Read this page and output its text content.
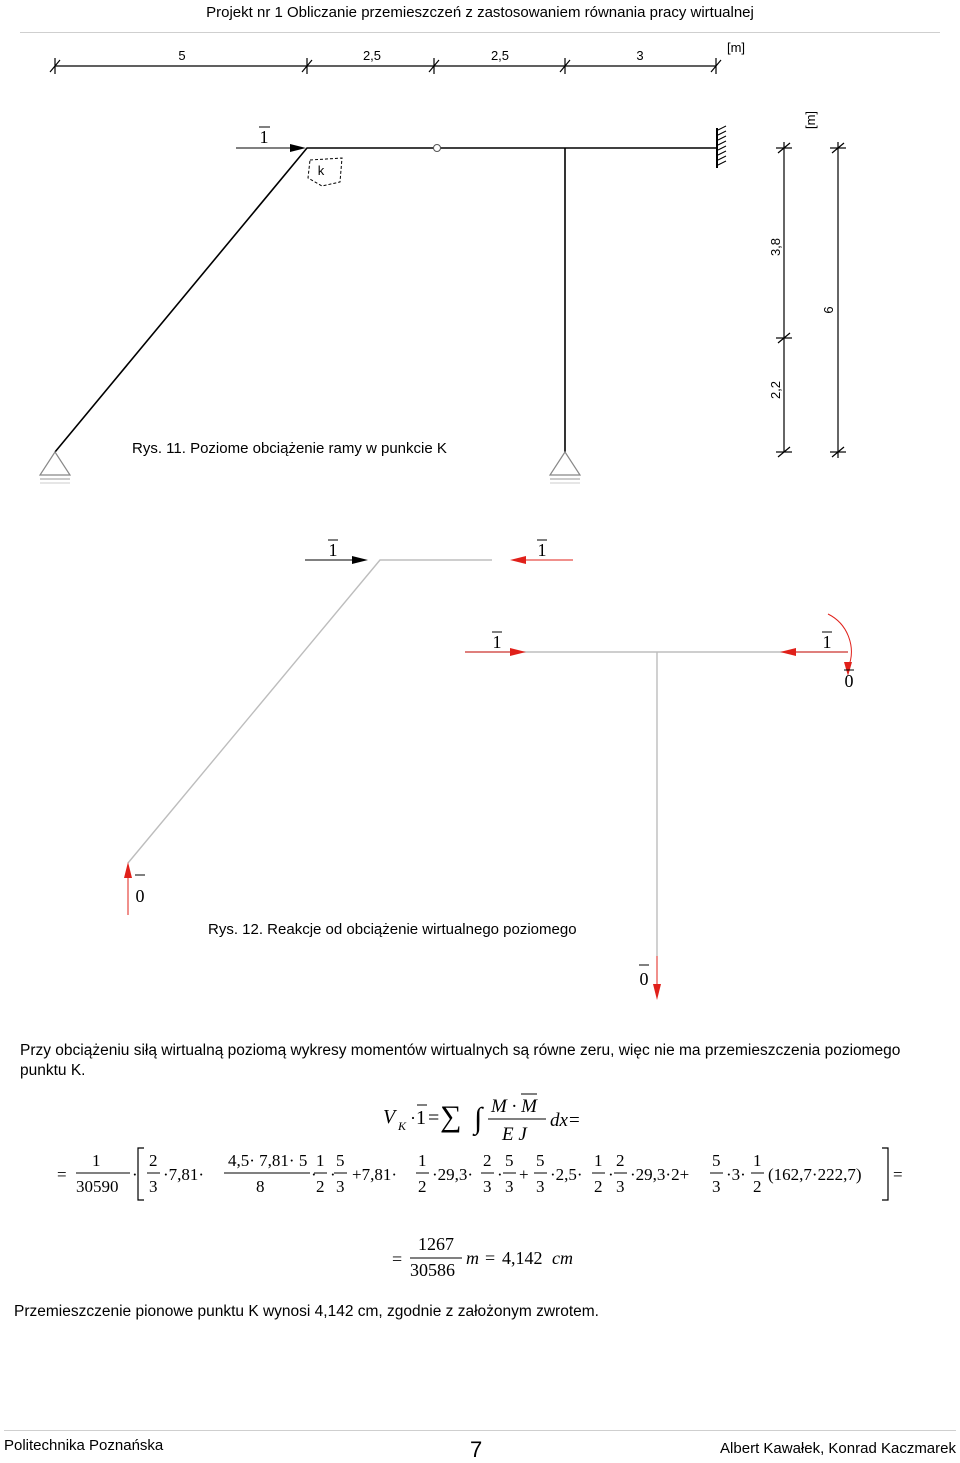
Projekt nr 1 Obliczanie przemieszczeń z zastosowaniem równania pracy wirtualnej
5	2,5	2,5	3
[m]
1
k
3,8
2,2
6
[m]
Rys. 11. Poziome obciążenie ramy w punkcie K
1	1
1	1
0
0
0
Rys. 12. Reakcje od obciążenie wirtualnego poziomego
Przy obciążeniu siłą wirtualną poziomą wykresy momentów wirtualnych są równe zeru, więc nie ma przemieszczenia poziomego punktu K.
V K · 1 = ∑ ∫ M · M
E J
dx =
=
1
30590
·
2
3
·7,81·
4,5· 7,81· 5
8
·
1
2
·
5
3
+7,81·
1
2
·29,3·
2
3
·
5
3
+
5
3
·2,5·
1
2
·
2
3
·29,3·2+
5
3
·3·
1
2
(162,7·222,7) =
=
1267
30586
m = 4,142 cm
Przemieszczenie pionowe punktu K wynosi 4,142 cm, zgodnie z założonym zwrotem.
Politechnika Poznańska	7	Albert Kawałek, Konrad Kaczmarek
